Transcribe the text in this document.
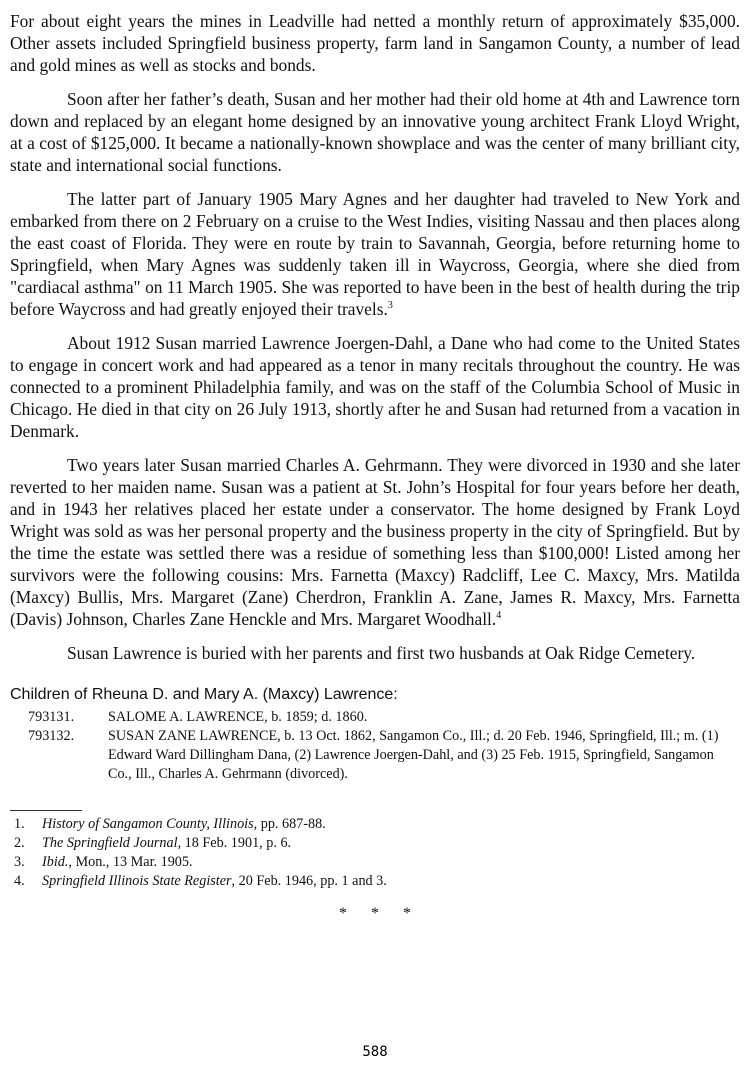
For about eight years the mines in Leadville had netted a monthly return of approximately $35,000. Other assets included Springfield business property, farm land in Sangamon County, a number of lead and gold mines as well as stocks and bonds.

Soon after her father’s death, Susan and her mother had their old home at 4th and Lawrence torn down and replaced by an elegant home designed by an innovative young architect Frank Lloyd Wright, at a cost of $125,000. It became a nationally-known showplace and was the center of many brilliant city, state and international social functions.

The latter part of January 1905 Mary Agnes and her daughter had traveled to New York and embarked from there on 2 February on a cruise to the West Indies, visiting Nassau and then places along the east coast of Florida. They were en route by train to Savannah, Georgia, before returning home to Springfield, when Mary Agnes was suddenly taken ill in Waycross, Georgia, where she died from "cardiacal asthma" on 11 March 1905. She was reported to have been in the best of health during the trip before Waycross and had greatly enjoyed their travels.$^3$

About 1912 Susan married Lawrence Joergen-Dahl, a Dane who had come to the United States to engage in concert work and had appeared as a tenor in many recitals throughout the country. He was connected to a prominent Philadelphia family, and was on the staff of the Columbia School of Music in Chicago. He died in that city on 26 July 1913, shortly after he and Susan had returned from a vacation in Denmark.

Two years later Susan married Charles A. Gehrmann. They were divorced in 1930 and she later reverted to her maiden name. Susan was a patient at St. John’s Hospital for four years before her death, and in 1943 her relatives placed her estate under a conservator. The home designed by Frank Loyd Wright was sold as was her personal property and the business property in the city of Springfield. But by the time the estate was settled there was a residue of something less than $100,000! Listed among her survivors were the following cousins: Mrs. Farnetta (Maxcy) Radcliff, Lee C. Maxcy, Mrs. Matilda (Maxcy) Bullis, Mrs. Margaret (Zane) Cherdron, Franklin A. Zane, James R. Maxcy, Mrs. Farnetta (Davis) Johnson, Charles Zane Henckle and Mrs. Margaret Woodhall.$^4$

Susan Lawrence is buried with her parents and first two husbands at Oak Ridge Cemetery.

Children of Rheuna D. and Mary A. (Maxcy) Lawrence:
793131.	SALOME A. LAWRENCE, b. 1859; d. 1860.
793132.	SUSAN ZANE LAWRENCE, b. 13 Oct. 1862, Sangamon Co., Ill.; d. 20 Feb. 1946, Springfield, Ill.; m. (1) Edward Ward Dillingham Dana, (2) Lawrence Joergen-Dahl, and (3) 25 Feb. 1915, Springfield, Sangamon Co., Ill., Charles A. Gehrmann (divorced).
1.	History of Sangamon County, Illinois, pp. 687-88.
2.	The Springfield Journal, 18 Feb. 1901, p. 6.
3.	Ibid., Mon., 13 Mar. 1905.
4.	Springfield Illinois State Register, 20 Feb. 1946, pp. 1 and 3.
* * *
588
